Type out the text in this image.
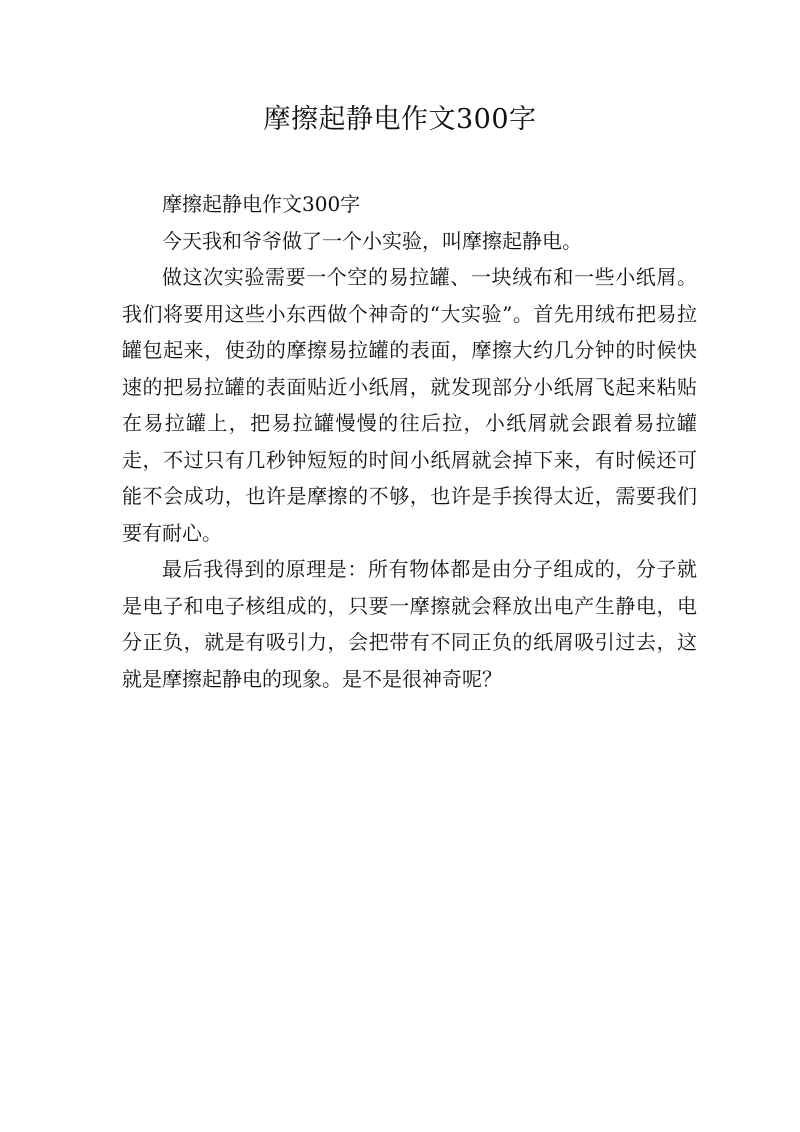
摩擦起静电作文300字

摩擦起静电作文300字

今天我和爷爷做了一个小实验，叫摩擦起静电。

做这次实验需要一个空的易拉罐、一块绒布和一些小纸屑。我们将要用这些小东西做个神奇的“大实验”。首先用绒布把易拉罐包起来，使劲的摩擦易拉罐的表面，摩擦大约几分钟的时候快速的把易拉罐的表面贴近小纸屑，就发现部分小纸屑飞起来粘贴在易拉罐上，把易拉罐慢慢的往后拉，小纸屑就会跟着易拉罐走，不过只有几秒钟短短的时间小纸屑就会掉下来，有时候还可能不会成功，也许是摩擦的不够，也许是手挨得太近，需要我们要有耐心。

最后我得到的原理是：所有物体都是由分子组成的，分子就是电子和电子核组成的，只要一摩擦就会释放出电产生静电，电分正负，就是有吸引力，会把带有不同正负的纸屑吸引过去，这就是摩擦起静电的现象。是不是很神奇呢？
